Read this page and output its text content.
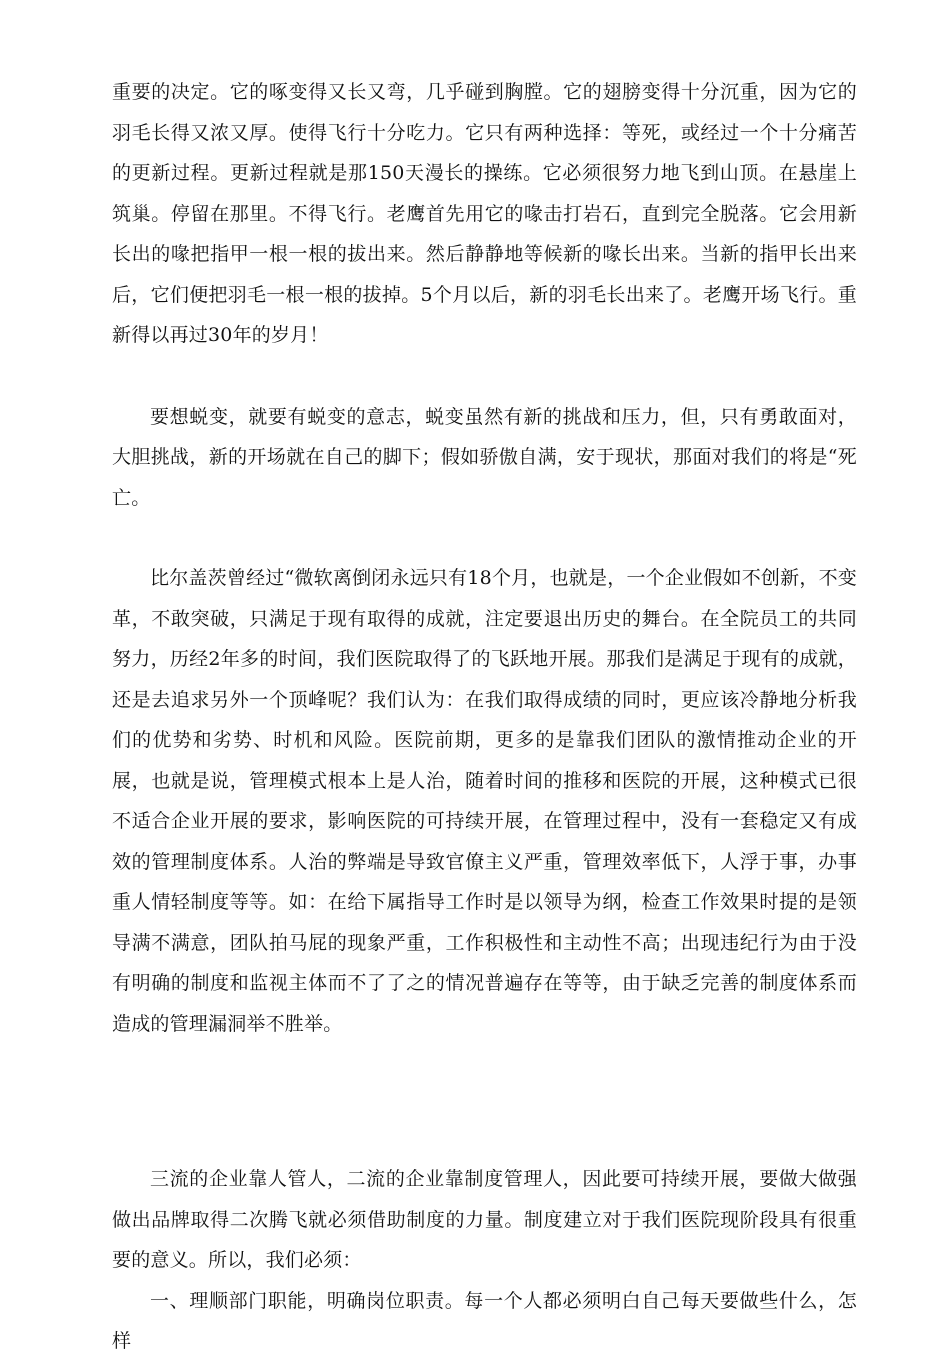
重要的决定。它的啄变得又长又弯，几乎碰到胸膛。它的翅膀变得十分沉重，因为它的羽毛长得又浓又厚。使得飞行十分吃力。它只有两种选择：等死，或经过一个十分痛苦的更新过程。更新过程就是那150天漫长的操练。它必须很努力地飞到山顶。在悬崖上筑巢。停留在那里。不得飞行。老鹰首先用它的喙击打岩石，直到完全脱落。它会用新长出的喙把指甲一根一根的拔出来。然后静静地等候新的喙长出来。当新的指甲长出来后，它们便把羽毛一根一根的拔掉。5个月以后，新的羽毛长出来了。老鹰开场飞行。重新得以再过30年的岁月！

要想蜕变，就要有蜕变的意志，蜕变虽然有新的挑战和压力，但，只有勇敢面对，大胆挑战，新的开场就在自己的脚下；假如骄傲自满，安于现状，那面对我们的将是“死亡。

比尔盖茨曾经过“微软离倒闭永远只有18个月，也就是，一个企业假如不创新，不变革，不敢突破，只满足于现有取得的成就，注定要退出历史的舞台。在全院员工的共同努力，历经2年多的时间，我们医院取得了的飞跃地开展。那我们是满足于现有的成就，还是去追求另外一个顶峰呢？我们认为：在我们取得成绩的同时，更应该冷静地分析我们的优势和劣势、时机和风险。医院前期，更多的是靠我们团队的激情推动企业的开展，也就是说，管理模式根本上是人治，随着时间的推移和医院的开展，这种模式已很不适合企业开展的要求，影响医院的可持续开展，在管理过程中，没有一套稳定又有成效的管理制度体系。人治的弊端是导致官僚主义严重，管理效率低下，人浮于事，办事重人情轻制度等等。如：在给下属指导工作时是以领导为纲，检查工作效果时提的是领导满不满意，团队拍马屁的现象严重，工作积极性和主动性不高；出现违纪行为由于没有明确的制度和监视主体而不了了之的情况普遍存在等等，由于缺乏完善的制度体系而造成的管理漏洞举不胜举。

三流的企业靠人管人，二流的企业靠制度管理人，因此要可持续开展，要做大做强做出品牌取得二次腾飞就必须借助制度的力量。制度建立对于我们医院现阶段具有很重要的意义。所以，我们必须：

一、理顺部门职能，明确岗位职责。每一个人都必须明白自己每天要做些什么，怎样
